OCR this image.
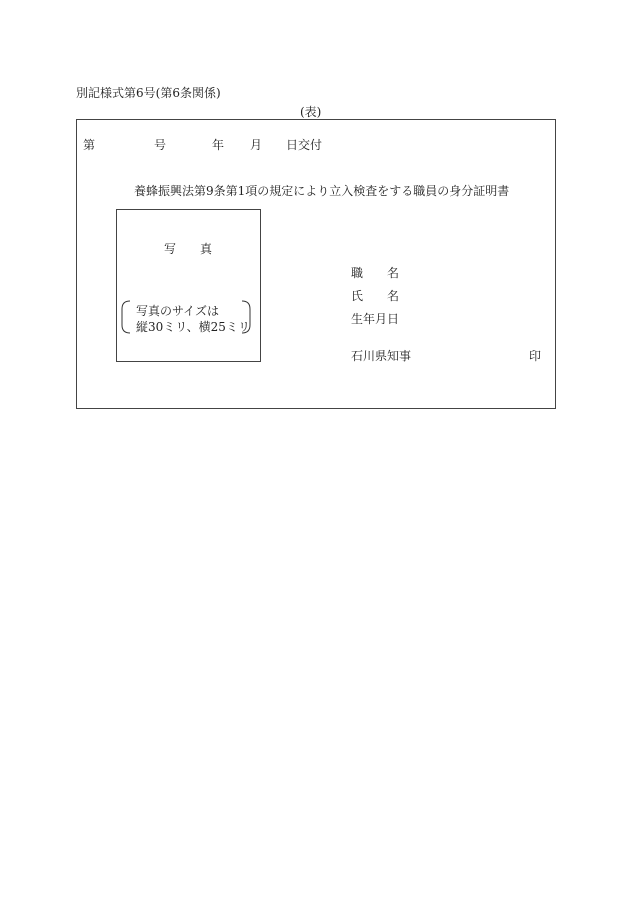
別記様式第6号(第6条関係)
(表)
第	号	年 月 日交付
養蜂振興法第9条第1項の規定により立入検査をする職員の身分証明書
写　　真
写真のサイズは
縦30ミリ、横25ミリ
職　　名
氏　　名
生年月日
石川県知事	印
